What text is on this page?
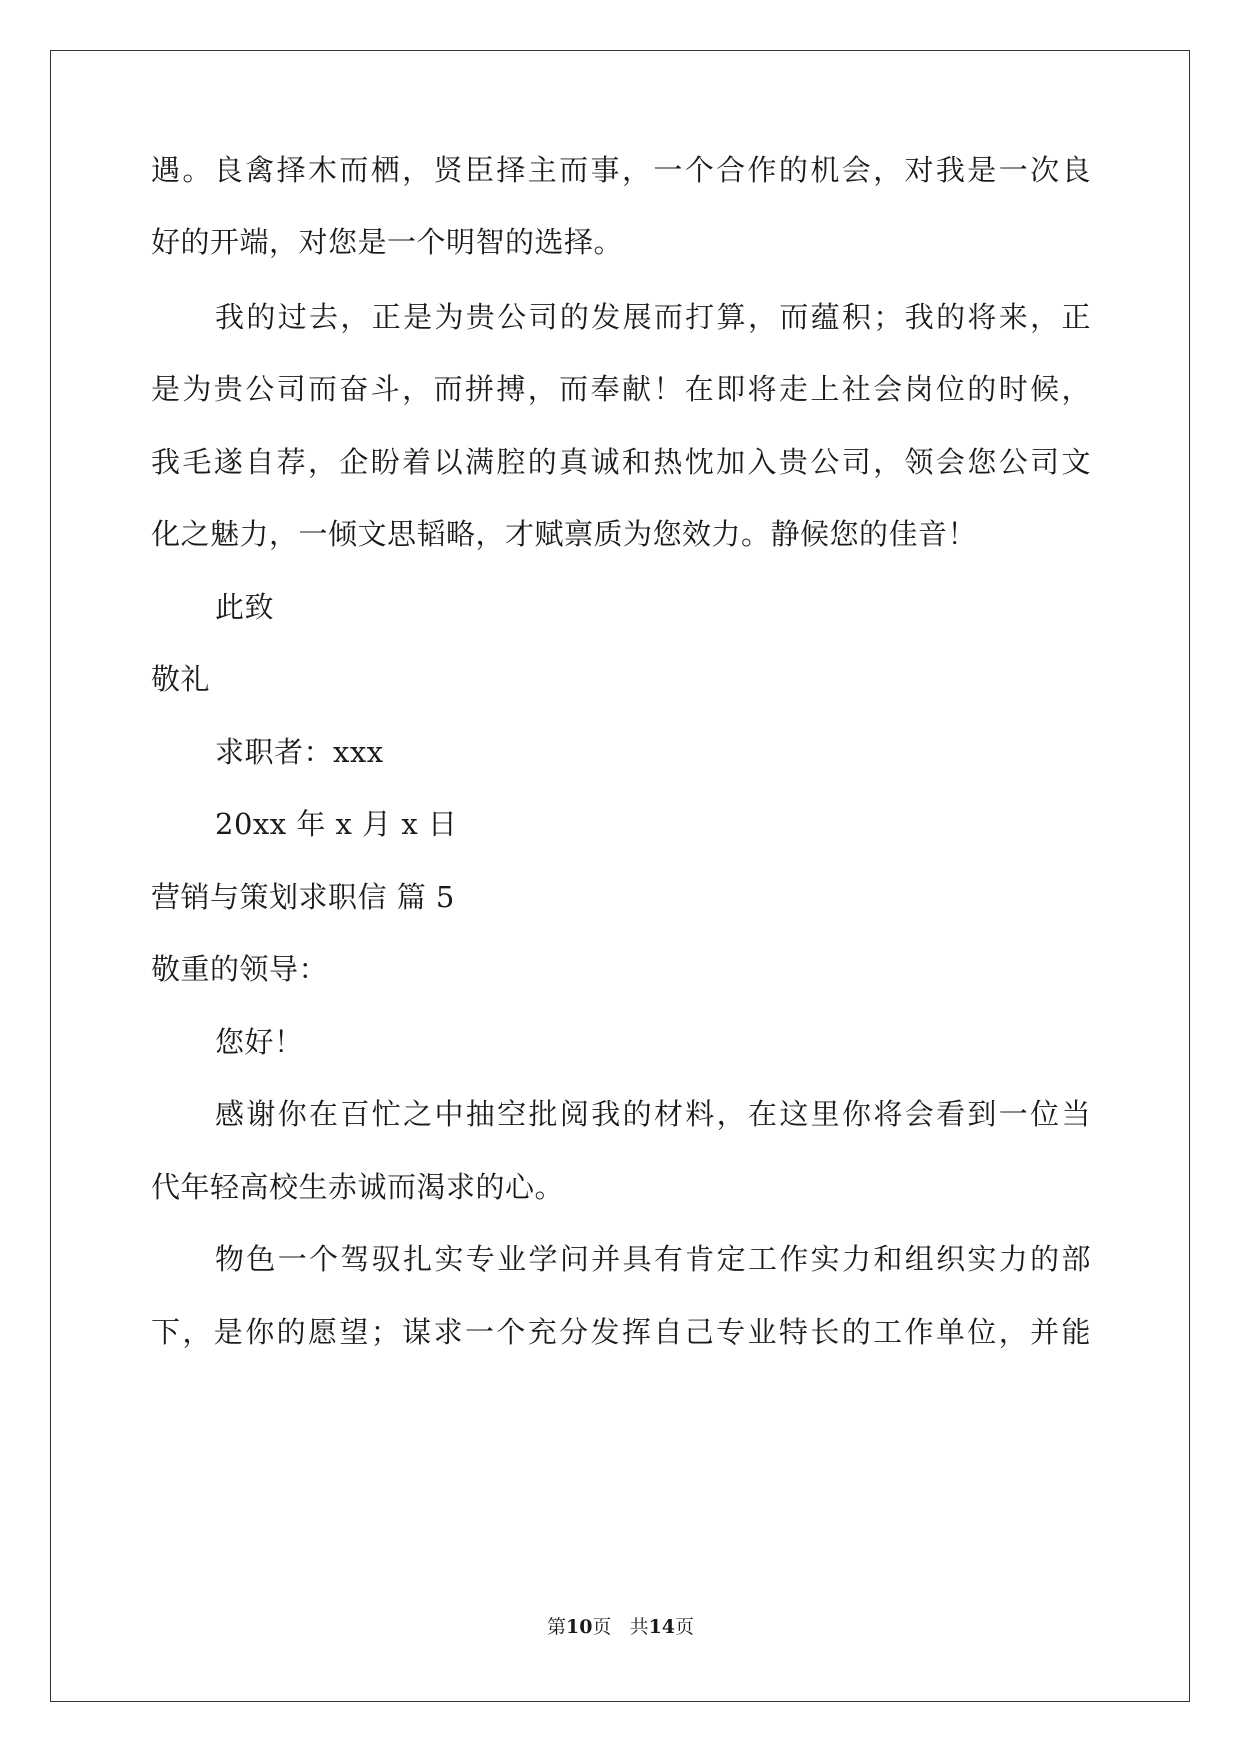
遇。良禽择木而栖，贤臣择主而事，一个合作的机会，对我是一次良
好的开端，对您是一个明智的选择。
我的过去，正是为贵公司的发展而打算，而蕴积；我的将来，正
是为贵公司而奋斗，而拼搏，而奉献！在即将走上社会岗位的时候，
我毛遂自荐，企盼着以满腔的真诚和热忱加入贵公司，领会您公司文
化之魅力，一倾文思韬略，才赋禀质为您效力。静候您的佳音！
此致
敬礼
求职者：xxx
20xx 年 x 月 x 日
营销与策划求职信 篇 5
敬重的领导：
您好！
感谢你在百忙之中抽空批阅我的材料，在这里你将会看到一位当
代年轻高校生赤诚而渴求的心。
物色一个驾驭扎实专业学问并具有肯定工作实力和组织实力的部
下，是你的愿望；谋求一个充分发挥自己专业特长的工作单位，并能
第10页 共14页
